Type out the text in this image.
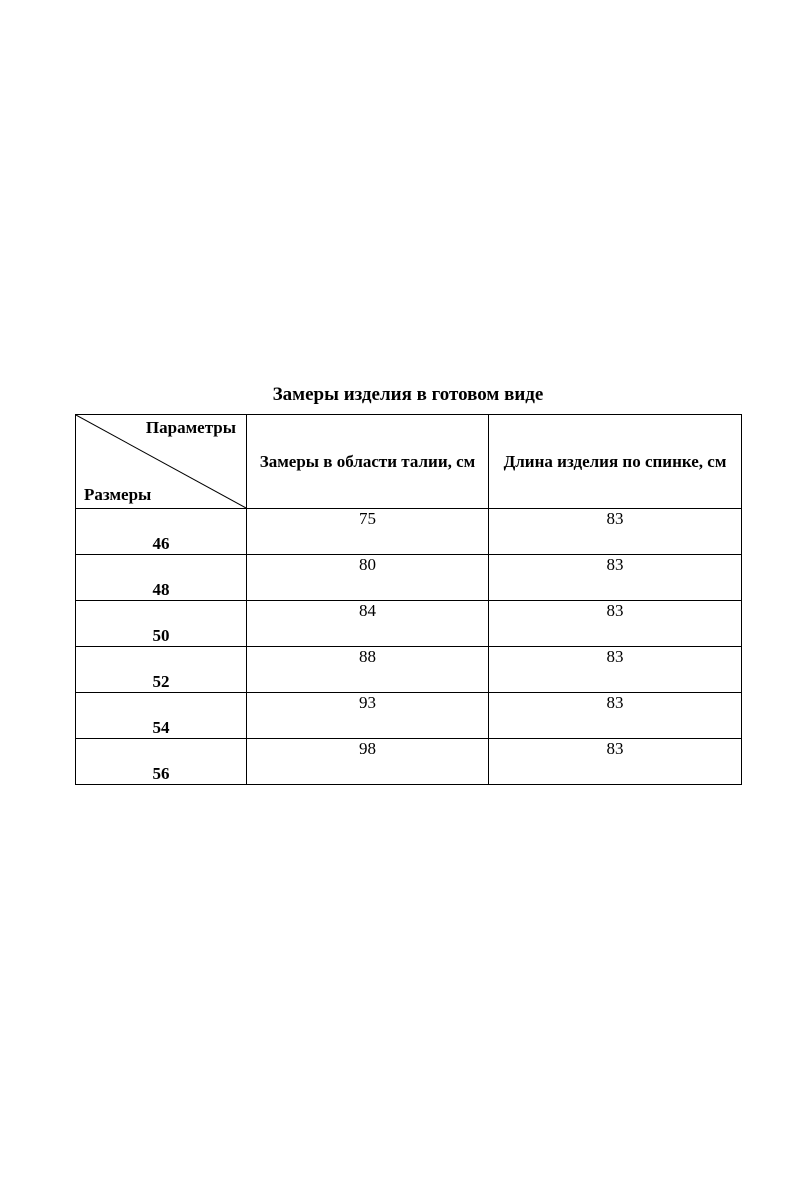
Замеры изделия в готовом виде
Параметры
Размеры	Замеры в области талии, см	Длина изделия по спинке, см
46	75	83
48	80	83
50	84	83
52	88	83
54	93	83
56	98	83
